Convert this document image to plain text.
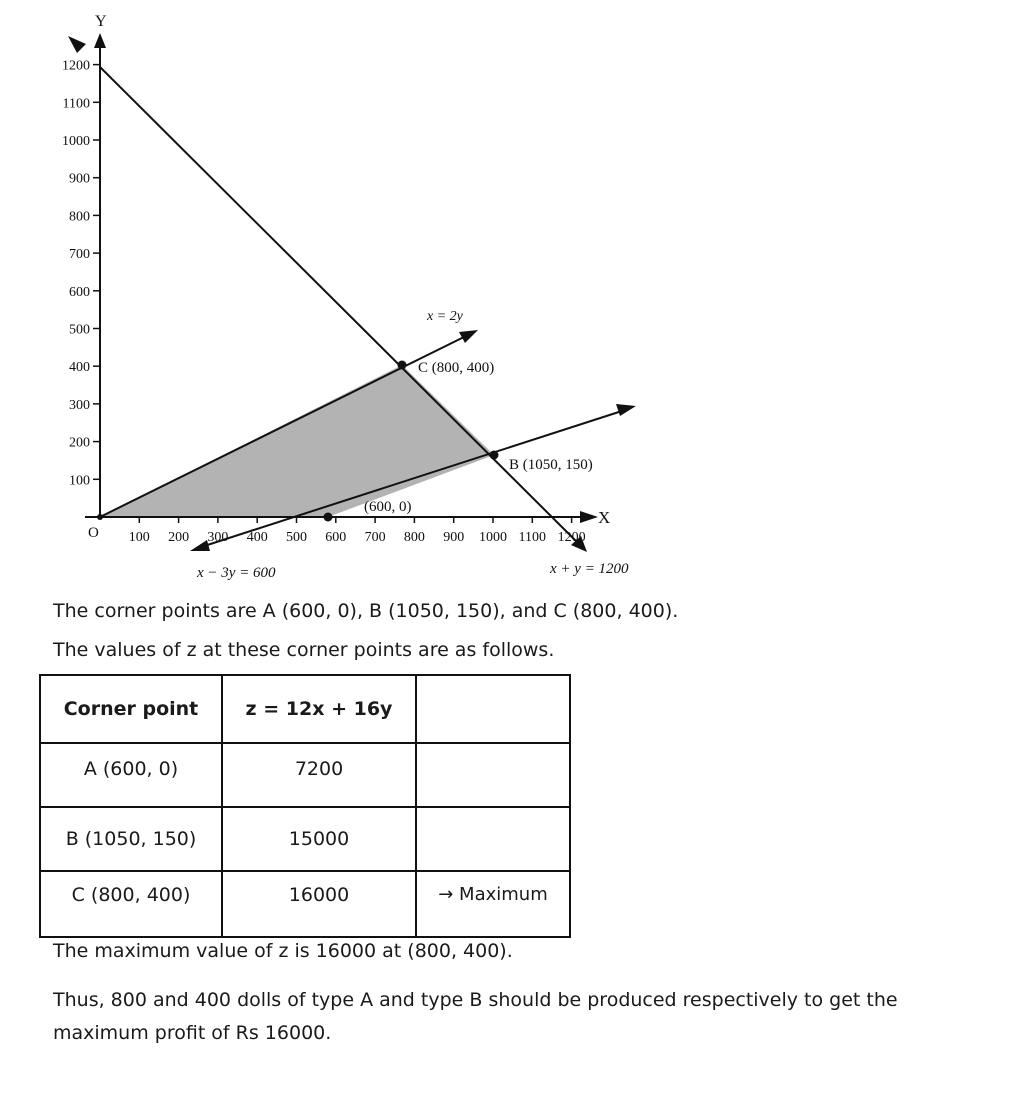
Y
X
O
C (800, 400)
B (1050, 150)
(600, 0)
x = 2y
x − 3y = 600	x + y = 1200
100
200
300
400
500
600
700
800
900
1000
1100
1200
100 200 300 400 500 600 700 800 900 1000 1100 1200

The corner points are A (600, 0), B (1050, 150), and C (800, 400).

The values of z at these corner points are as follows.

Corner point	z = 12x + 16y	
A (600, 0)	7200	
B (1050, 150)	15000	
C (800, 400)	16000	→ Maximum

The maximum value of z is 16000 at (800, 400).

Thus, 800 and 400 dolls of type A and type B should be produced respectively to get the maximum profit of Rs 16000.
